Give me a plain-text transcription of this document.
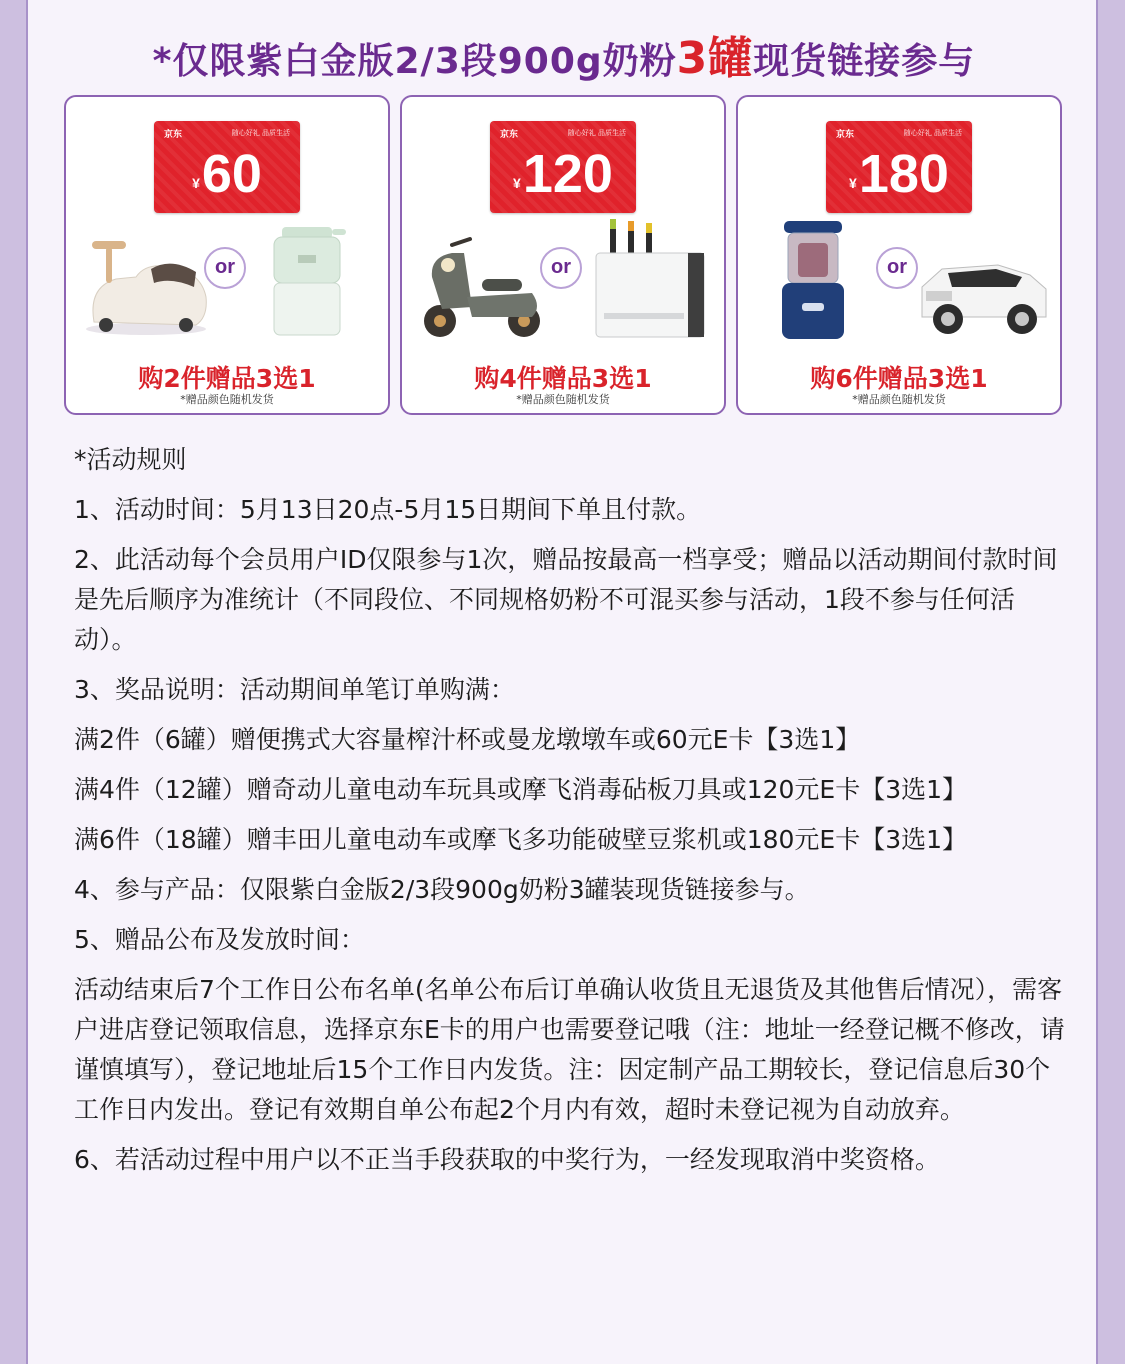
*仅限紫白金版2/3段900g奶粉3罐现货链接参与
京东	随心好礼 品质生活
¥60
or
购2件赠品3选1
*赠品颜色随机发货
京东	随心好礼 品质生活
¥120
or
购4件赠品3选1
*赠品颜色随机发货
京东	随心好礼 品质生活
¥180
or
购6件赠品3选1
*赠品颜色随机发货

*活动规则

1、活动时间：5月13日20点-5月15日期间下单且付款。

2、此活动每个会员用户ID仅限参与1次，赠品按最高一档享受；赠品以活动期间付款时间是先后顺序为准统计（不同段位、不同规格奶粉不可混买参与活动，1段不参与任何活动）。

3、奖品说明：活动期间单笔订单购满：

满2件（6罐）赠便携式大容量榨汁杯或曼龙墩墩车或60元E卡【3选1】

满4件（12罐）赠奇动儿童电动车玩具或摩飞消毒砧板刀具或120元E卡【3选1】

满6件（18罐）赠丰田儿童电动车或摩飞多功能破壁豆浆机或180元E卡【3选1】

4、参与产品：仅限紫白金版2/3段900g奶粉3罐装现货链接参与。

5、赠品公布及发放时间：

活动结束后7个工作日公布名单(名单公布后订单确认收货且无退货及其他售后情况），需客户进店登记领取信息，选择京东E卡的用户也需要登记哦（注：地址一经登记概不修改，请谨慎填写），登记地址后15个工作日内发货。注：因定制产品工期较长，登记信息后30个工作日内发出。登记有效期自单公布起2个月内有效，超时未登记视为自动放弃。

6、若活动过程中用户以不正当手段获取的中奖行为，一经发现取消中奖资格。
